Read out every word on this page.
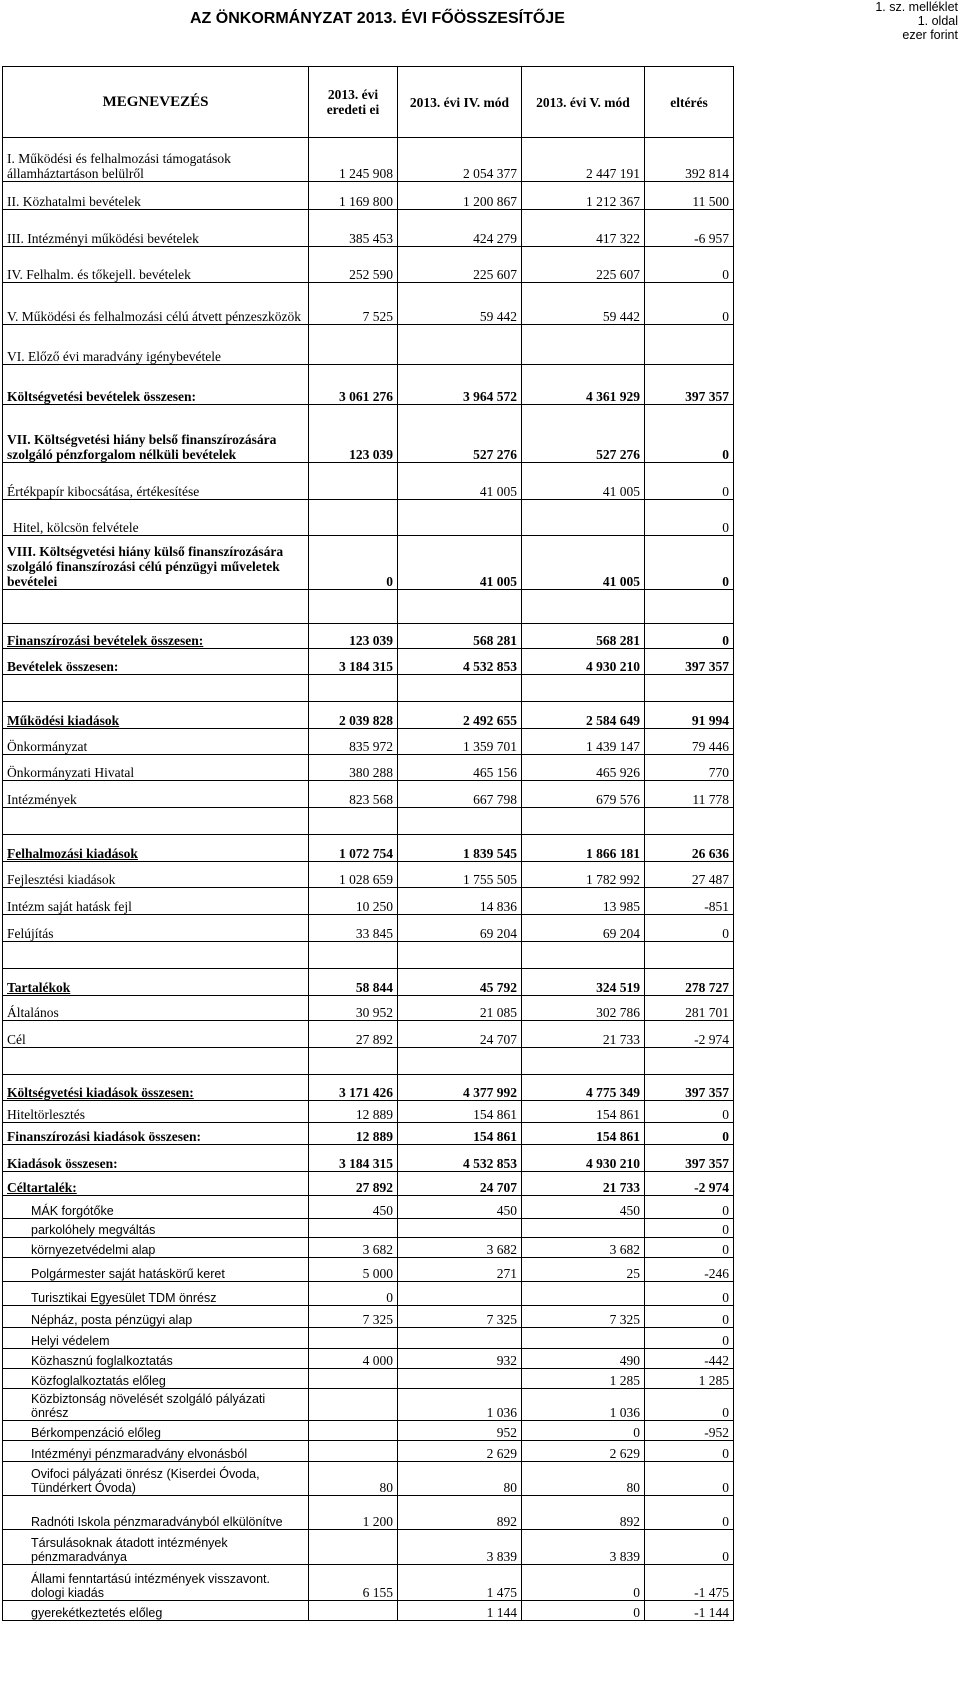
AZ ÖNKORMÁNYZAT 2013. ÉVI FŐÖSSZESÍTŐJE
1. sz. melléklet
1. oldal
ezer forint
MEGNEVEZÉS	2013. évi eredeti ei	2013. évi IV. mód	2013. évi V. mód	eltérés
I. Működési és felhalmozási támogatások államháztartáson belülről	1 245 908	2 054 377	2 447 191	392 814
II. Közhatalmi bevételek	1 169 800	1 200 867	1 212 367	11 500
III. Intézményi működési bevételek	385 453	424 279	417 322	-6 957
IV. Felhalm. és tőkejell. bevételek	252 590	225 607	225 607	0
V. Működési és felhalmozási célú átvett pénzeszközök	7 525	59 442	59 442	0
VI. Előző évi maradvány igénybevétele				
Költségvetési bevételek összesen:	3 061 276	3 964 572	4 361 929	397 357
VII. Költségvetési hiány belső finanszírozására szolgáló pénzforgalom nélküli bevételek	123 039	527 276	527 276	0
Értékpapír kibocsátása, értékesítése		41 005	41 005	0
Hitel, kölcsön felvétele				0
VIII. Költségvetési hiány külső finanszírozására szolgáló finanszírozási célú pénzügyi műveletek bevételei	0	41 005	41 005	0

Finanszírozási bevételek összesen:	123 039	568 281	568 281	0
Bevételek összesen:	3 184 315	4 532 853	4 930 210	397 357

Működési kiadások	2 039 828	2 492 655	2 584 649	91 994
Önkormányzat	835 972	1 359 701	1 439 147	79 446
Önkormányzati Hivatal	380 288	465 156	465 926	770
Intézmények	823 568	667 798	679 576	11 778

Felhalmozási kiadások	1 072 754	1 839 545	1 866 181	26 636
Fejlesztési kiadások	1 028 659	1 755 505	1 782 992	27 487
Intézm saját hatásk fejl	10 250	14 836	13 985	-851
Felújítás	33 845	69 204	69 204	0

Tartalékok	58 844	45 792	324 519	278 727
Általános	30 952	21 085	302 786	281 701
Cél	27 892	24 707	21 733	-2 974

Költségvetési kiadások összesen:	3 171 426	4 377 992	4 775 349	397 357
Hiteltörlesztés	12 889	154 861	154 861	0
Finanszírozási kiadások összesen:	12 889	154 861	154 861	0
Kiadások összesen:	3 184 315	4 532 853	4 930 210	397 357
Céltartalék:	27 892	24 707	21 733	-2 974
MÁK forgótőke	450	450	450	0
parkolóhely megváltás				0
környezetvédelmi alap	3 682	3 682	3 682	0
Polgármester saját hatáskörű keret	5 000	271	25	-246
Turisztikai Egyesület TDM önrész	0			0
Népház, posta pénzügyi alap	7 325	7 325	7 325	0
Helyi védelem				0
Közhasznú foglalkoztatás	4 000	932	490	-442
Közfoglalkoztatás előleg			1 285	1 285
Közbiztonság növelését szolgáló pályázati önrész		1 036	1 036	0
Bérkompenzáció előleg		952	0	-952
Intézményi pénzmaradvány elvonásból		2 629	2 629	0
Ovifoci pályázati önrész (Kiserdei Óvoda, Tündérkert Óvoda)	80	80	80	0
Radnóti Iskola pénzmaradványból elkülönítve	1 200	892	892	0
Társulásoknak átadott intézmények pénzmaradványa		3 839	3 839	0
Állami fenntartású intézmények visszavont. dologi kiadás	6 155	1 475	0	-1 475
gyerekétkeztetés előleg		1 144	0	-1 144
